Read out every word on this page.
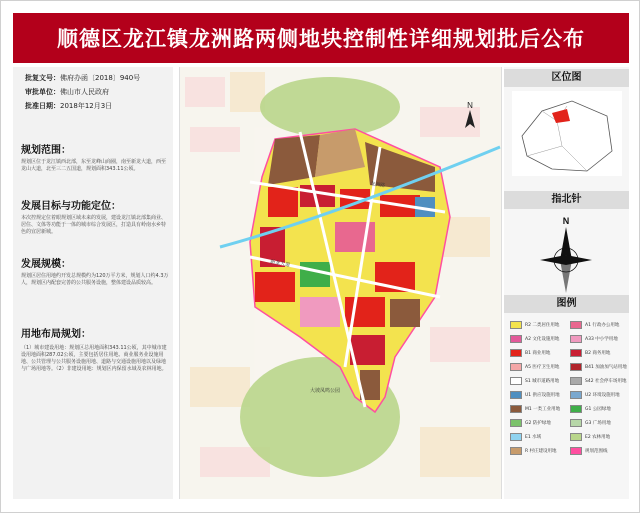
顺德区龙江镇龙洲路两侧地块控制性详细规划批后公布
批复文号：佛府办函〔2018〕940号
审批单位：佛山市人民政府
批准日期：2018年12月3日
规划范围：
规划区位于龙江镇西北部，东至龙峰山商圈，南至新龙大道，西至龙山大道，北至三二五国道，规划面积343.11公顷。
发展目标与功能定位：
本次控规定位着眼规划区域未来的发展，建设龙江镇北部集商业、居住、文体等功能于一体的城市综合发展区，打造具有岭南水乡特色的宜居新城。
发展规模：
规划区居住用地约开发总规模约为120万平方米，规划人口约4.3万人，规划区内配套完善的公共服务设施，整体建设品质较高。
用地布局规划：
（1）城市建设用地：规划区总用地面积343.11公顷，其中城市建设用地面积287.02公顷，主要包括居住用地、商业服务业设施用地、公共管理与公共服务设施用地、道路与交通设施用地以及绿地与广场用地等。（2）非建设用地：规划区内保留水域及农林用地。
N
大坡凤鸣公园
龙洲路
新龙大道
区位图
指北针
N
图例
R2 二类居住用地	A1 行政办公用地
A2 文化设施用地	A33 中小学用地
B1 商业用地	B2 商务用地
A5 医疗卫生用地	B41 加油加气站用地
S1 城市道路用地	S42 社会停车场用地
U1 供应设施用地	U2 环境设施用地
M1 一类工业用地	G1 公园绿地
G2 防护绿地	G3 广场用地
E1 水域	E2 农林用地
R 村庄建设用地	规划范围线
